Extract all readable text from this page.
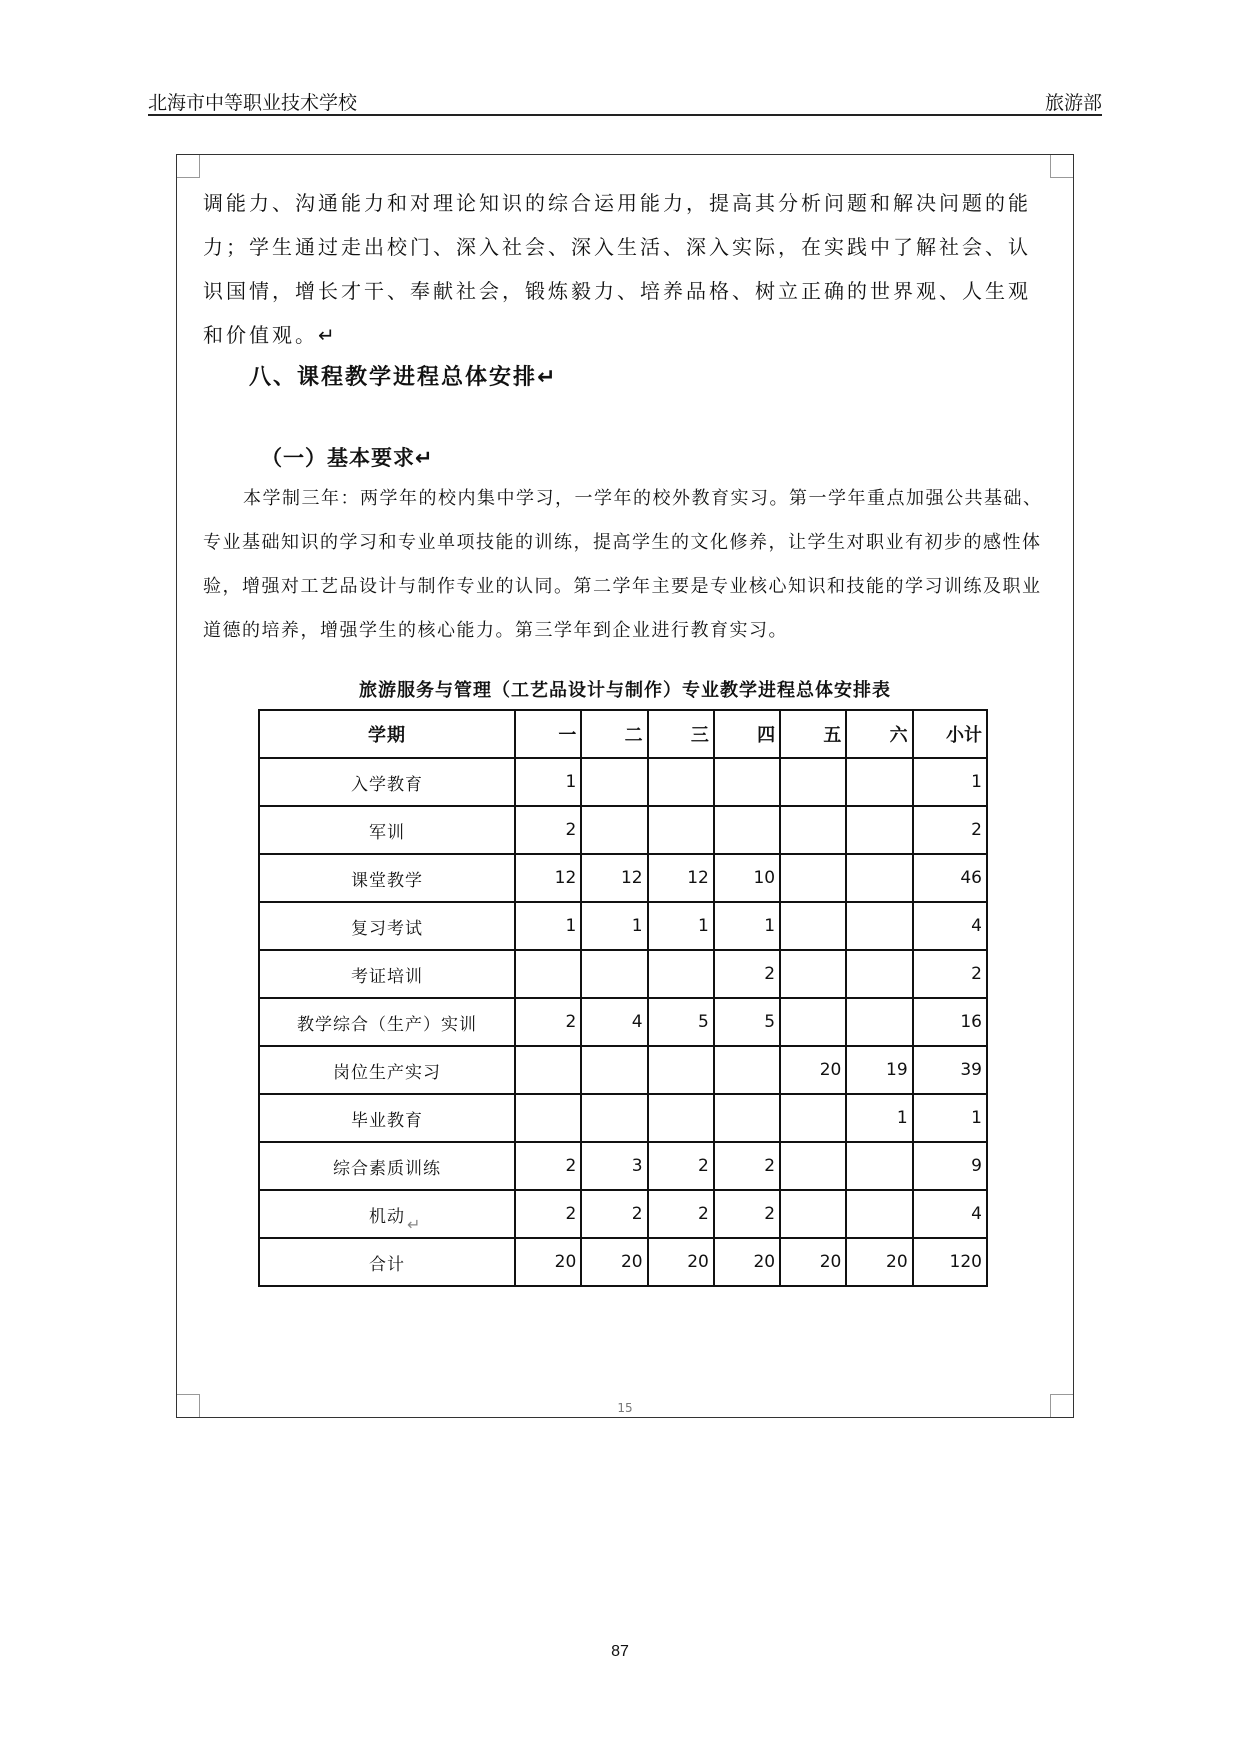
北海市中等职业技术学校	旅游部
调能力、沟通能力和对理论知识的综合运用能力，提高其分析问题和解决问题的能力；学生通过走出校门、深入社会、深入生活、深入实际，在实践中了解社会、认识国情，增长才干、奉献社会，锻炼毅力、培养品格、树立正确的世界观、人生观和价值观。↵
八、课程教学进程总体安排↵
（一）基本要求↵
本学制三年：两学年的校内集中学习，一学年的校外教育实习。第一学年重点加强公共基础、专业基础知识的学习和专业单项技能的训练，提高学生的文化修养，让学生对职业有初步的感性体验，增强对工艺品设计与制作专业的认同。第二学年主要是专业核心知识和技能的学习训练及职业道德的培养，增强学生的核心能力。第三学年到企业进行教育实习。
旅游服务与管理（工艺品设计与制作）专业教学进程总体安排表
学期	一	二	三	四	五	六	小计
入学教育	1						1
军训	2						2
课堂教学	12	12	12	10			46
复习考试	1	1	1	1			4
考证培训				2			2
教学综合（生产）实训	2	4	5	5			16
岗位生产实习					20	19	39
毕业教育						1	1
综合素质训练	2	3	2	2			9
机动	2	2	2	2			4
合计	20	20	20	20	20	20	120
↵
15
87
